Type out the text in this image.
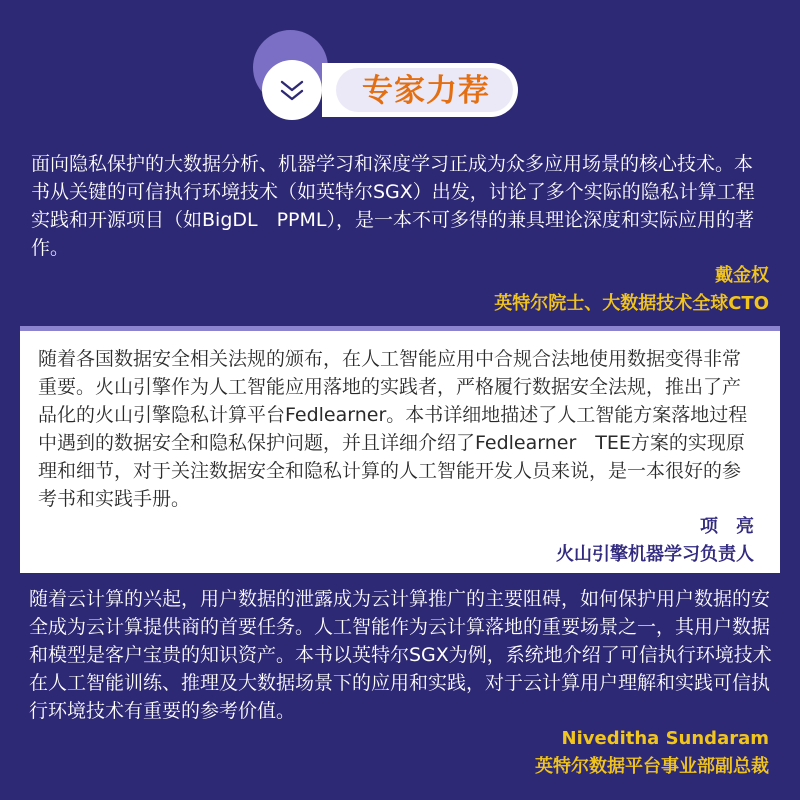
专家力荐

面向隐私保护的大数据分析、机器学习和深度学习正成为众多应用场景的核心技术。本书从关键的可信执行环境技术（如英特尔SGX）出发，讨论了多个实际的隐私计算工程实践和开源项目（如BigDL　PPML），是一本不可多得的兼具理论深度和实际应用的著作。

戴金权
英特尔院士、大数据技术全球CTO

随着各国数据安全相关法规的颁布，在人工智能应用中合规合法地使用数据变得非常重要。火山引擎作为人工智能应用落地的实践者，严格履行数据安全法规，推出了产品化的火山引擎隐私计算平台Fedlearner。本书详细地描述了人工智能方案落地过程中遇到的数据安全和隐私保护问题，并且详细介绍了Fedlearner　TEE方案的实现原理和细节，对于关注数据安全和隐私计算的人工智能开发人员来说，是一本很好的参考书和实践手册。

项　亮
火山引擎机器学习负责人

随着云计算的兴起，用户数据的泄露成为云计算推广的主要阻碍，如何保护用户数据的安全成为云计算提供商的首要任务。人工智能作为云计算落地的重要场景之一，其用户数据和模型是客户宝贵的知识资产。本书以英特尔SGX为例，系统地介绍了可信执行环境技术在人工智能训练、推理及大数据场景下的应用和实践，对于云计算用户理解和实践可信执行环境技术有重要的参考价值。

Niveditha Sundaram
英特尔数据平台事业部副总裁
